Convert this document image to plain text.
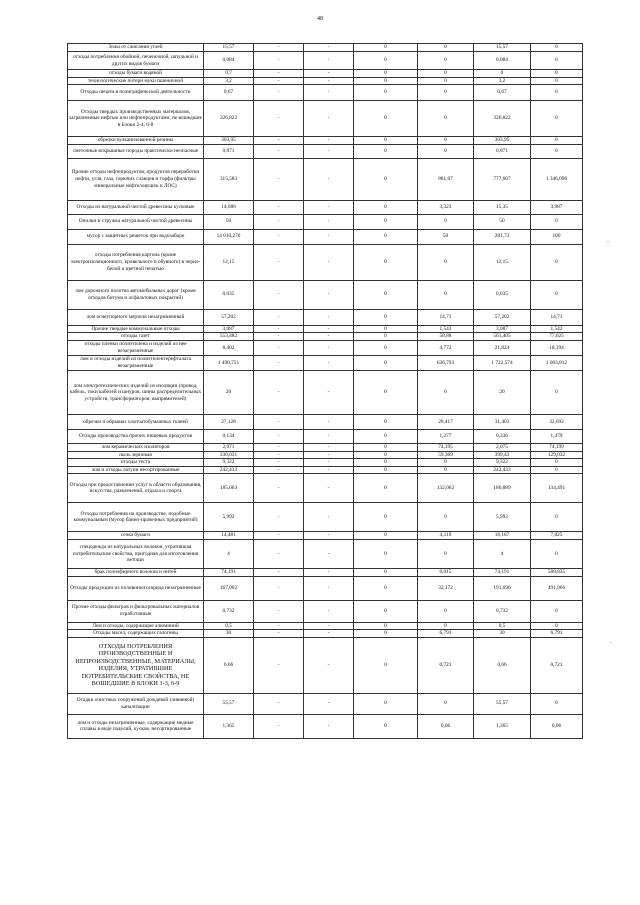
48
Золы от сжигания углей	15,57	-	-	0	0	15,57	0
отходы потребления обойной, печеночной, шпульной и других видов бумаги	0,084	-	-	0	0	0,084	0
отходы бумаги водяной	0,7	-	-	0	0	0	0
технологические потери муки пшеничной	3,2	-	-	0	0	3,2	0
Отходы печати в полиграфической деятельности	0,67	-	-	0	0	0,67	0
Отходы твердых производственных материалов, загрязненные нефтью или нефтепродуктами, не вошедшие в Блоки 2-4, 6-8	326,822	-	-	0	0	326,822	0
обрезки вулканизованной резины	303,95	-	-	0	0	303,95	0
сметочные вскрышные породы практически неопасные	0,871	-	-	0	0	0,871	0
Прочие отходы нефтепродуктов, продуктов переработки нефти, угля, газа, горючих сланцев и торфа (фильтры минеральные нефтеловушек и ЛОС)	315,583	-	-	0	881,07	777,607	1 346,096
Отходы из натуральной чистой древесины кусковые	14,686	-	-	0	3,323	15,35	3,987
Опилки и стружка натуральной чистой древесины	50	-	-	0	0	50	0
мусор с защитных решеток при водозаборе	14 010,270	-	-	0	50	281,73	100
отходы потребления картона (кроме электроизоляционного, кровельного и обувного) в черно-белой и цветной печатью	12,15	-	-	0	0	12,15	0
лом дорожного полотна автомобильных дорог (кроме отходов битума и асфальтовых покрытий)	0,035	-	-	0	0	0,035	0
лом огнеупорного мертеля незагрязненный	57,202	-	-	0	14,71	57,202	14,71
Прочие твердые коммунальные отходы	3,087	-	-	0	1,543	3,087	1,543
отходы газет	553,482	-	-	0	50,88	561,405	77,025
отходы пленки полиэтилена и изделий из нее незагрязненные	8,402	-	-	0	4,772	21,824	18,194
лом и отходы изделий из полиэтилентерефталата незагрязненные	1 490,751	-	-	0	636,793	1 722,574	1 003,812
лом электротехнических изделий из изоляции (провод, кабель, токи кабелей и шнуров, шины распределительных устройств, трансформаторов, выпрямителей)	20	-	-	0	0	20	0
обрезки и обрывки хлопчатобумажных тканей	27,128	-	-	0	28,417	31,403	32,692
Отходы производства прочих пищевых продуктов	0,134	-	-	0	1,277	0,336	1,479
лом керамических изоляторов	2,071	-	-	0	74,195	2,075	74,199
пыль зерновая	330,031	-	-	0	59,369	399,43	129,032
отходы теста	9,322	-	-	0	0	9,322	0
лом и отходы латуни несортированные	242,433	-	-	0	0	242,433	0
Отходы при предоставлении услуг в области образования, искусства, развлечений, отдыха и спорта	185,063	-	-	0	132,062	186,889	134,491
Отходы потребления на производстве, подобные коммунальным (мусор банно-прачечных предприятий)	5,992	-	-	0	0	5,992	0
сечка бумаги	14,481	-	-	0	4,119	18,187	7,825
спецодежда из натуральных волокон, утратившая потребительские свойства, пригодная для изготовления ветоши	4	-	-	0	0	4	0
брак полиэфирного волокна и нитей	74,191	-	-	0	0,015	74,191	560,835
Отходы продукции из поливинилхлорида незагрязненные	167,002	-	-	0	32,172	191,696	491,966
Прочие отходы фильтров и фильтровальных материалов отработанные	0,732	-	-	0	0	0,732	0
Лом и отходы, содержащие алюминий	0,5	-	-	0	0	0,5	0
Отходы масел, содержащих галогены	30	-	-	0	6,791	30	6,791
ОТХОДЫ ПОТРЕБЛЕНИЯ ПРОИЗВОДСТВЕННЫЕ И НЕПРОИЗВОДСТВЕННЫЕ, МАТЕРИАЛЫ, ИЗДЕЛИЯ, УТРАТИВШИЕ ПОТРЕБИТЕЛЬСКИЕ СВОЙСТВА, НЕ ВОШЕДШИЕ В БЛОКИ 1-3, 6-9	0,66	-	-	0	0,721	0,66	0,721
Осадки очистных сооружений дождевой (ливневой) канализации	55,57	-	-	0	0	55,57	0
лом и отходы незагрязненные, содержащие медные сплавы в виде изделий, кусков, несортированные	1,365	-	-	0	0,06	1,365	0,06
-
-
